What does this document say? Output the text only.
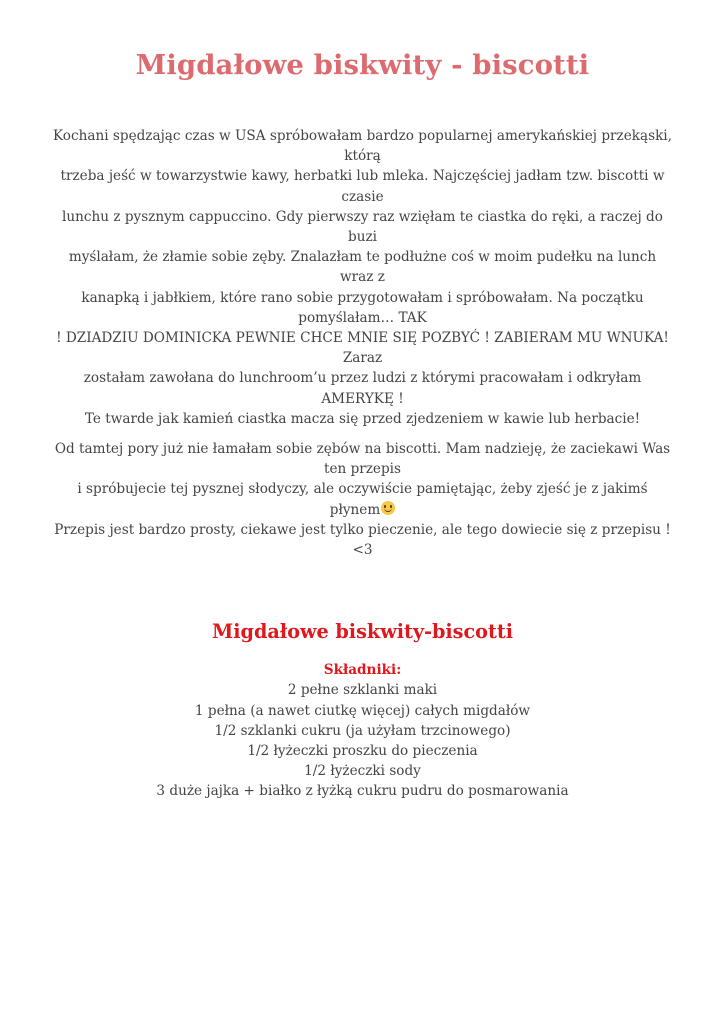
Migdałowe biskwity - biscotti

Kochani spędzając czas w USA spróbowałam bardzo popularnej amerykańskiej przekąski, którą
trzeba jeść w towarzystwie kawy, herbatki lub mleka. Najczęściej jadłam tzw. biscotti w czasie
lunchu z pysznym cappuccino. Gdy pierwszy raz wzięłam te ciastka do ręki, a raczej do buzi
myślałam, że złamie sobie zęby. Znalazłam te podłużne coś w moim pudełku na lunch wraz z
kanapką i jabłkiem, które rano sobie przygotowałam i spróbowałam. Na początku pomyślałam… TAK
! DZIADZIU DOMINICKA PEWNIE CHCE MNIE SIĘ POZBYĆ ! ZABIERAM MU WNUKA! Zaraz
zostałam zawołana do lunchroom’u przez ludzi z którymi pracowałam i odkryłam AMERYKĘ !
Te twarde jak kamień ciastka macza się przed zjedzeniem w kawie lub herbacie!

Od tamtej pory już nie łamałam sobie zębów na biscotti. Mam nadzieję, że zaciekawi Was ten przepis
i spróbujecie tej pysznej słodyczy, ale oczywiście pamiętając, żeby zjeść je z jakimś płynem
Przepis jest bardzo prosty, ciekawe jest tylko pieczenie, ale tego dowiecie się z przepisu ! <3

Migdałowe biskwity-biscotti
Składniki:
2 pełne szklanki maki
1 pełna (a nawet ciutkę więcej) całych migdałów
1/2 szklanki cukru (ja użyłam trzcinowego)
1/2 łyżeczki proszku do pieczenia
1/2 łyżeczki sody
3 duże jajka + białko z łyżką cukru pudru do posmarowania
